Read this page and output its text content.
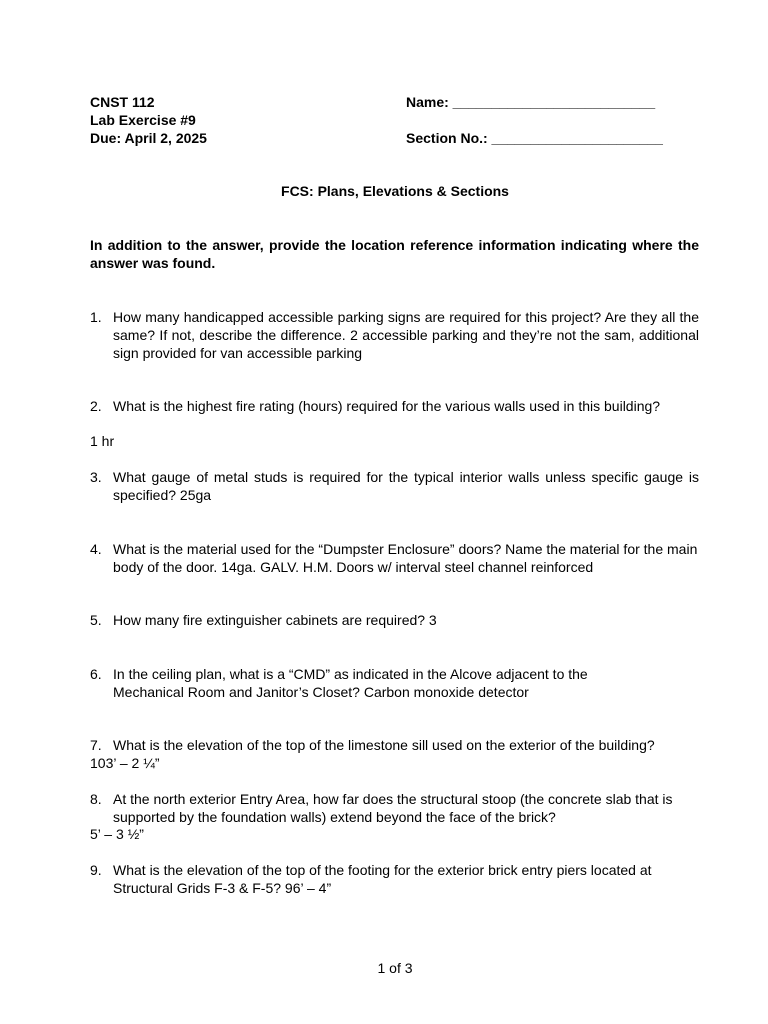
CNST 112
Lab Exercise #9
Due: April 2, 2025
Name: __________________________
Section No.: ______________________
FCS: Plans, Elevations & Sections
In addition to the answer, provide the location reference information indicating where the answer was found.
1. How many handicapped accessible parking signs are required for this project? Are they all the same? If not, describe the difference. 2 accessible parking and they’re not the sam, additional sign provided for van accessible parking
2. What is the highest fire rating (hours) required for the various walls used in this building?
1 hr
3. What gauge of metal studs is required for the typical interior walls unless specific gauge is specified? 25ga
4. What is the material used for the “Dumpster Enclosure” doors? Name the material for the main body of the door. 14ga. GALV. H.M. Doors w/ interval steel channel reinforced
5. How many fire extinguisher cabinets are required? 3
6. In the ceiling plan, what is a “CMD” as indicated in the Alcove adjacent to the Mechanical Room and Janitor’s Closet? Carbon monoxide detector
7. What is the elevation of the top of the limestone sill used on the exterior of the building?
103’ – 2 ¼”
8. At the north exterior Entry Area, how far does the structural stoop (the concrete slab that is supported by the foundation walls) extend beyond the face of the brick?
5’ – 3 ½”
9. What is the elevation of the top of the footing for the exterior brick entry piers located at Structural Grids F-3 & F-5? 96’ – 4”
1 of 3
